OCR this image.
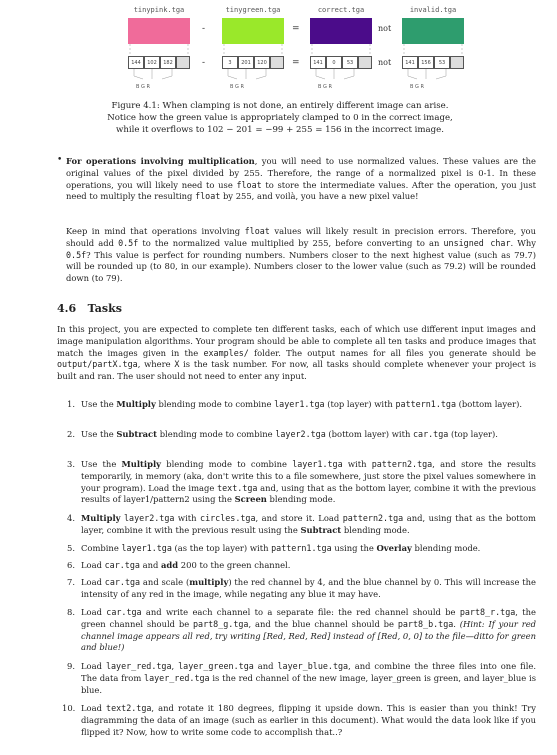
tinypink.tga	tinygreen.tga	correct.tga	invalid.tga
-	=	not
144	102	182	3	201	120	141	0	53	141	156	53
-	=	not
B G R	B G R	B G R	B G R
Figure 4.1: When clamping is not done, an entirely different image can arise.
Notice how the green value is appropriately clamped to 0 in the correct image,
while it overflows to 102 − 201 = −99 + 255 = 156 in the incorrect image.
• For operations involving multiplication, you will need to use normalized values. These values are the original values of the pixel divided by 255. Therefore, the range of a normalized pixel is 0-1. In these operations, you will likely need to use float to store the intermediate values. After the operation, you just need to multiply the resulting float by 255, and voilà, you have a new pixel value!
Keep in mind that operations involving float values will likely result in precision errors. Therefore, you should add 0.5f to the normalized value multiplied by 255, before converting to an unsigned char. Why 0.5f? This value is perfect for rounding numbers. Numbers closer to the next highest value (such as 79.7) will be rounded up (to 80, in our example). Numbers closer to the lower value (such as 79.2) will be rounded down (to 79).
4.6 Tasks
In this project, you are expected to complete ten different tasks, each of which use different input images and image manipulation algorithms. Your program should be able to complete all ten tasks and produce images that match the images given in the examples/ folder. The output names for all files you generate should be output/partX.tga, where X is the task number. For now, all tasks should complete whenever your project is built and ran. The user should not need to enter any input.
1. Use the Multiply blending mode to combine layer1.tga (top layer) with pattern1.tga (bottom layer).
2. Use the Subtract blending mode to combine layer2.tga (bottom layer) with car.tga (top layer).
3. Use the Multiply blending mode to combine layer1.tga with pattern2.tga, and store the results temporarily, in memory (aka, don't write this to a file somewhere, just store the pixel values somewhere in your program). Load the image text.tga and, using that as the bottom layer, combine it with the previous results of layer1/pattern2 using the Screen blending mode.
4. Multiply layer2.tga with circles.tga, and store it. Load pattern2.tga and, using that as the bottom layer, combine it with the previous result using the Subtract blending mode.
5. Combine layer1.tga (as the top layer) with pattern1.tga using the Overlay blending mode.
6. Load car.tga and add 200 to the green channel.
7. Load car.tga and scale (multiply) the red channel by 4, and the blue channel by 0. This will increase the intensity of any red in the image, while negating any blue it may have.
8. Load car.tga and write each channel to a separate file: the red channel should be part8_r.tga, the green channel should be part8_g.tga, and the blue channel should be part8_b.tga. (Hint: If your red channel image appears all red, try writing [Red, Red, Red] instead of [Red, 0, 0] to the file—ditto for green and blue!)
9. Load layer_red.tga, layer_green.tga and layer_blue.tga, and combine the three files into one file. The data from layer_red.tga is the red channel of the new image, layer_green is green, and layer_blue is blue.
10. Load text2.tga, and rotate it 180 degrees, flipping it upside down. This is easier than you think! Try diagramming the data of an image (such as earlier in this document). What would the data look like if you flipped it? Now, how to write some code to accomplish that..?
